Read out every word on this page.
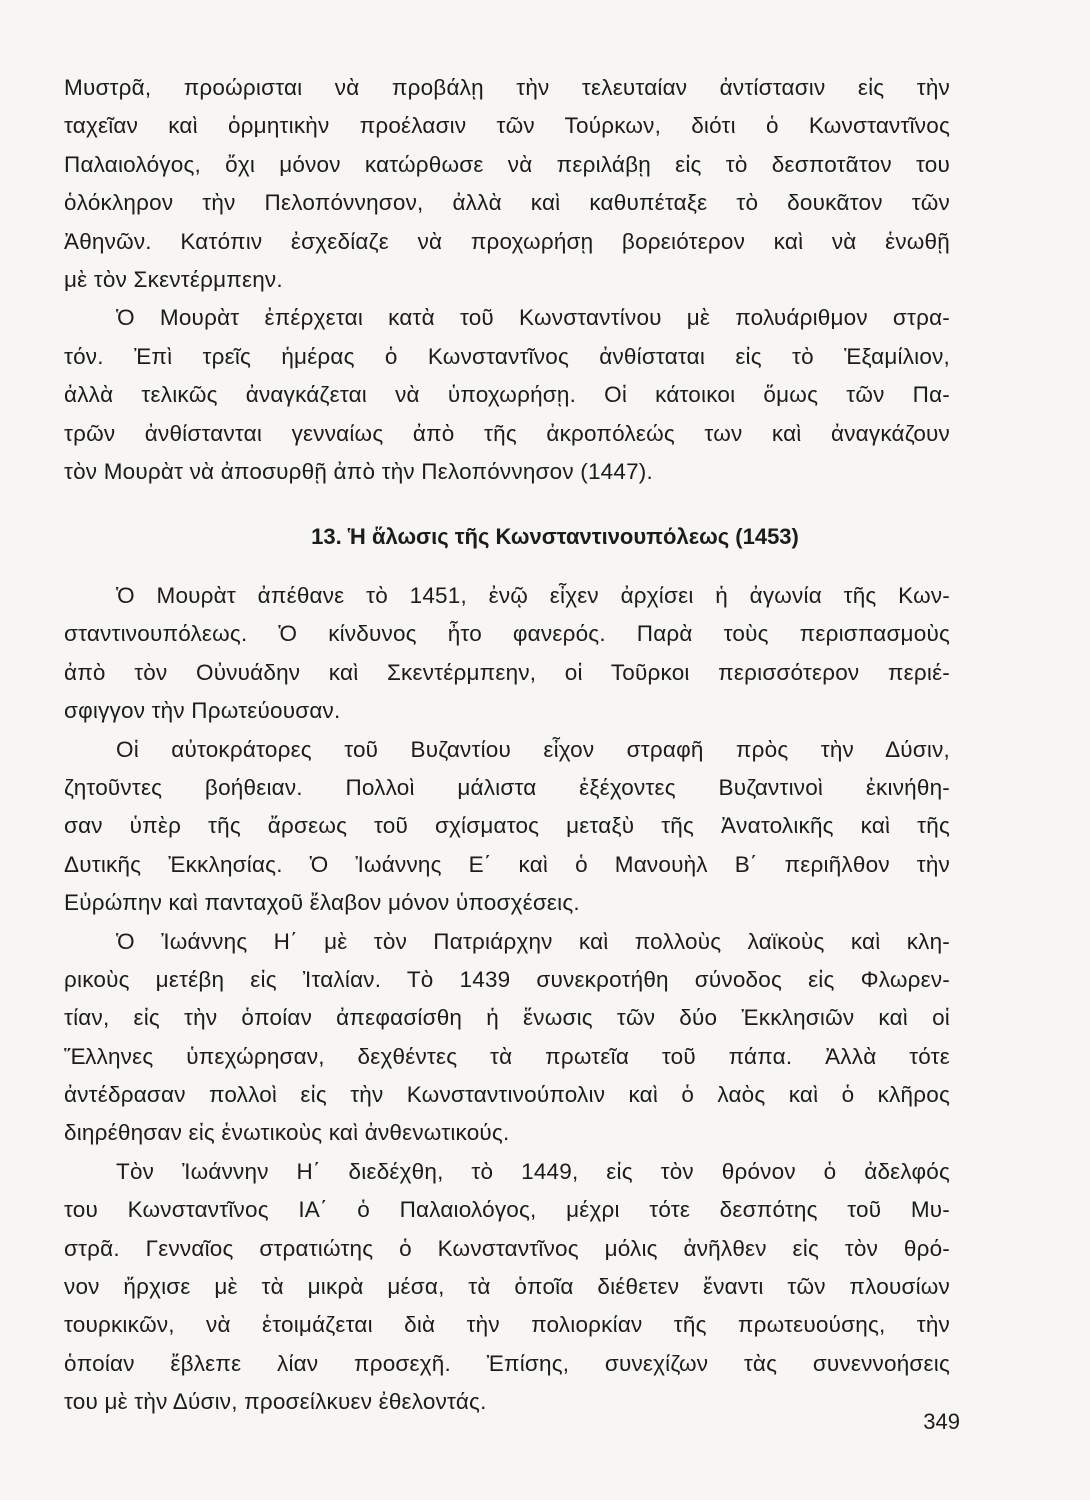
Μυστρᾶ, προώρισται νὰ προβάλῃ τὴν τελευταίαν ἀντίστασιν εἰς τὴν
ταχεῖαν καὶ ὁρμητικὴν προέλασιν τῶν Τούρκων, διότι ὁ Κωνσταντῖνος
Παλαιολόγος, ὄχι μόνον κατώρθωσε νὰ περιλάβῃ εἰς τὸ δεσποτᾶτον του
ὁλόκληρον τὴν Πελοπόννησον, ἀλλὰ καὶ καθυπέταξε τὸ δουκᾶτον τῶν
Ἀθηνῶν. Κατόπιν ἐσχεδίαζε νὰ προχωρήσῃ βορειότερον καὶ νὰ ἑνωθῇ
μὲ τὸν Σκεντέρμπεην.
Ὁ Μουρὰτ ἐπέρχεται κατὰ τοῦ Κωνσταντίνου μὲ πολυάριθμον στρα-
τόν. Ἐπὶ τρεῖς ἡμέρας ὁ Κωνσταντῖνος ἀνθίσταται εἰς τὸ Ἑξαμίλιον,
ἀλλὰ τελικῶς ἀναγκάζεται νὰ ὑποχωρήσῃ. Οἱ κάτοικοι ὅμως τῶν Πα-
τρῶν ἀνθίστανται γενναίως ἀπὸ τῆς ἀκροπόλεώς των καὶ ἀναγκάζουν
τὸν Μουρὰτ νὰ ἀποσυρθῇ ἀπὸ τὴν Πελοπόννησον (1447).
13. Ἡ ἅλωσις τῆς Κωνσταντινουπόλεως (1453)
Ὁ Μουρὰτ ἀπέθανε τὸ 1451, ἐνῷ εἶχεν ἀρχίσει ἡ ἀγωνία τῆς Κων-
σταντινουπόλεως. Ὁ κίνδυνος ἦτο φανερός. Παρὰ τοὺς περισπασμοὺς
ἀπὸ τὸν Οὐνυάδην καὶ Σκεντέρμπεην, οἱ Τοῦρκοι περισσότερον περιέ-
σφιγγον τὴν Πρωτεύουσαν.
Οἱ αὐτοκράτορες τοῦ Βυζαντίου εἶχον στραφῆ πρὸς τὴν Δύσιν,
ζητοῦντες βοήθειαν. Πολλοὶ μάλιστα ἐξέχοντες Βυζαντινοὶ ἐκινήθη-
σαν ὑπὲρ τῆς ἄρσεως τοῦ σχίσματος μεταξὺ τῆς Ἀνατολικῆς καὶ τῆς
Δυτικῆς Ἐκκλησίας. Ὁ Ἰωάννης Ε΄ καὶ ὁ Μανουὴλ Β΄ περιῆλθον τὴν
Εὐρώπην καὶ πανταχοῦ ἔλαβον μόνον ὑποσχέσεις.
Ὁ Ἰωάννης Η΄ μὲ τὸν Πατριάρχην καὶ πολλοὺς λαϊκοὺς καὶ κλη-
ρικοὺς μετέβη εἰς Ἰταλίαν. Τὸ 1439 συνεκροτήθη σύνοδος εἰς Φλωρεν-
τίαν, εἰς τὴν ὁποίαν ἀπεφασίσθη ἡ ἕνωσις τῶν δύο Ἐκκλησιῶν καὶ οἱ
Ἕλληνες ὑπεχώρησαν, δεχθέντες τὰ πρωτεῖα τοῦ πάπα. Ἀλλὰ τότε
ἀντέδρασαν πολλοὶ εἰς τὴν Κωνσταντινούπολιν καὶ ὁ λαὸς καὶ ὁ κλῆρος
διηρέθησαν εἰς ἑνωτικοὺς καὶ ἀνθενωτικούς.
Τὸν Ἰωάννην Η΄ διεδέχθη, τὸ 1449, εἰς τὸν θρόνον ὁ ἀδελφός
του Κωνσταντῖνος ΙΑ΄ ὁ Παλαιολόγος, μέχρι τότε δεσπότης τοῦ Μυ-
στρᾶ. Γενναῖος στρατιώτης ὁ Κωνσταντῖνος μόλις ἀνῆλθεν εἰς τὸν θρό-
νον ἤρχισε μὲ τὰ μικρὰ μέσα, τὰ ὁποῖα διέθετεν ἔναντι τῶν πλουσίων
τουρκικῶν, νὰ ἑτοιμάζεται διὰ τὴν πολιορκίαν τῆς πρωτευούσης, τὴν
ὁποίαν ἔβλεπε λίαν προσεχῆ. Ἐπίσης, συνεχίζων τὰς συνεννοήσεις
του μὲ τὴν Δύσιν, προσείλκυεν ἐθελοντάς.
349
